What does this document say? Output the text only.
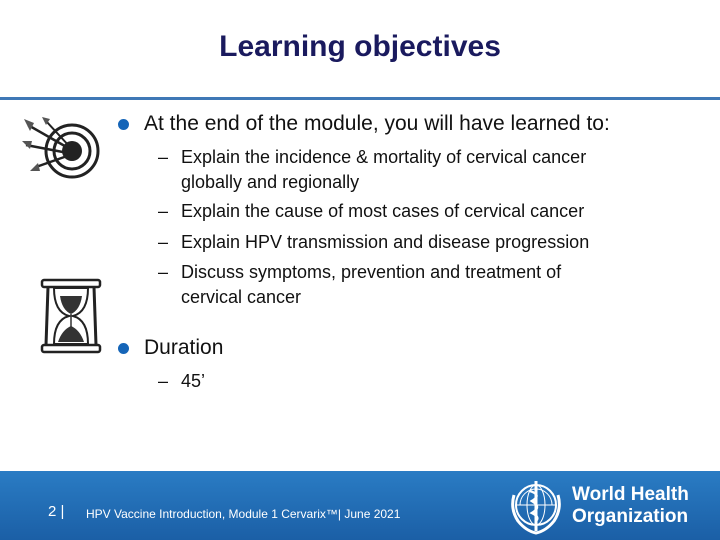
Learning objectives
At the end of the module, you will have learned to:
– Explain the incidence & mortality of cervical cancer
globally and regionally
– Explain the cause of most cases of cervical cancer
– Explain HPV transmission and disease progression
– Discuss symptoms, prevention and treatment of
cervical cancer
Duration
– 45’
2 | HPV Vaccine Introduction, Module 1 Cervarix™| June 2021
World Health
Organization
